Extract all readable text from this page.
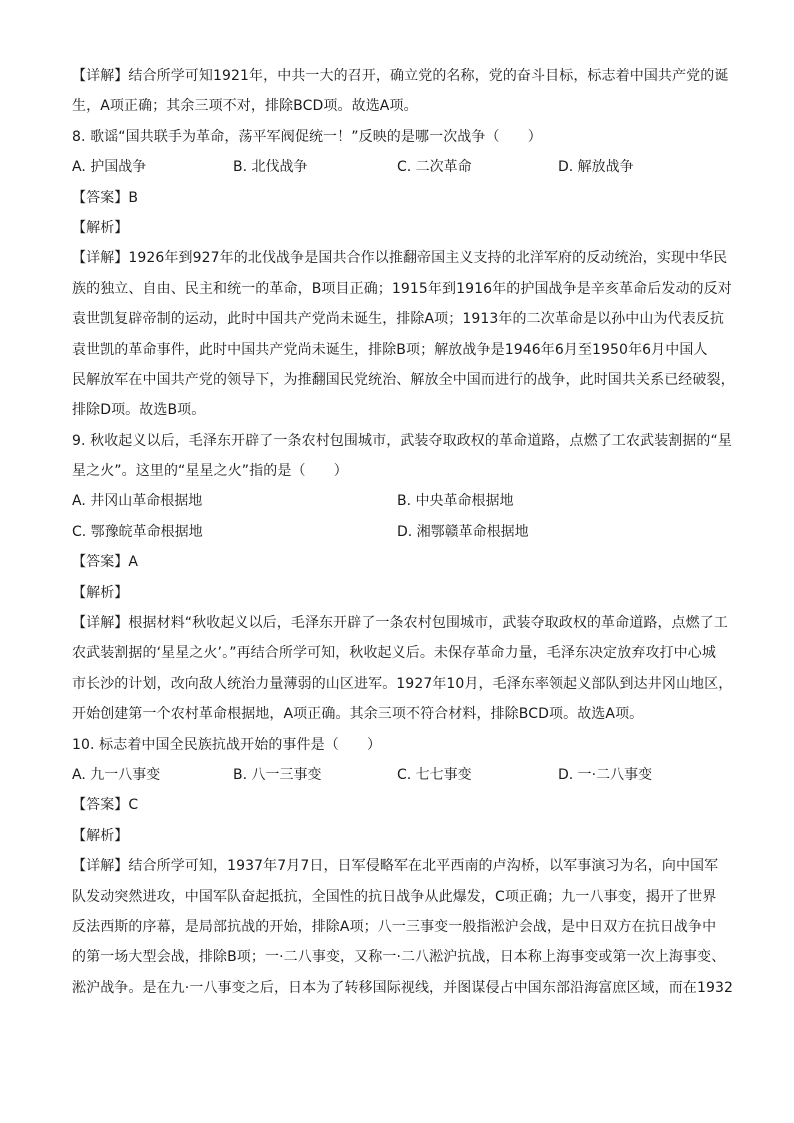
【详解】结合所学可知1921年，中共一大的召开，确立党的名称，党的奋斗目标，标志着中国共产党的诞
生，A项正确；其余三项不对，排除BCD项。故选A项。
8. 歌谣“国共联手为革命，荡平军阀促统一！”反映的是哪一次战争（　　）
A. 护国战争	B. 北伐战争	C. 二次革命	D. 解放战争
【答案】B
【解析】
【详解】1926年到927年的北伐战争是国共合作以推翻帝国主义支持的北洋军府的反动统治，实现中华民
族的独立、自由、民主和统一的革命，B项目正确；1915年到1916年的护国战争是辛亥革命后发动的反对
袁世凯复辟帝制的运动，此时中国共产党尚未诞生，排除A项；1913年的二次革命是以孙中山为代表反抗
袁世凯的革命事件，此时中国共产党尚未诞生，排除B项；解放战争是1946年6月至1950年6月中国人
民解放军在中国共产党的领导下，为推翻国民党统治、解放全中国而进行的战争，此时国共关系已经破裂，
排除D项。故选B项。
9. 秋收起义以后，毛泽东开辟了一条农村包围城市，武装夺取政权的革命道路，点燃了工农武装割据的“星
星之火”。这里的“星星之火”指的是（　　）
A. 井冈山革命根据地	B. 中央革命根据地
C. 鄂豫皖革命根据地	D. 湘鄂赣革命根据地
【答案】A
【解析】
【详解】根据材料“秋收起义以后，毛泽东开辟了一条农村包围城市，武装夺取政权的革命道路，点燃了工
农武装割据的‘星星之火’。”再结合所学可知，秋收起义后。未保存革命力量，毛泽东决定放弃攻打中心城
市长沙的计划，改向敌人统治力量薄弱的山区进军。1927年10月，毛泽东率领起义部队到达井冈山地区，
开始创建第一个农村革命根据地，A项正确。其余三项不符合材料，排除BCD项。故选A项。
10. 标志着中国全民族抗战开始的事件是（　　）
A. 九一八事变	B. 八一三事变	C. 七七事变	D. 一·二八事变
【答案】C
【解析】
【详解】结合所学可知，1937年7月7日，日军侵略军在北平西南的卢沟桥，以军事演习为名，向中国军
队发动突然进攻，中国军队奋起抵抗，全国性的抗日战争从此爆发，C项正确；九一八事变，揭开了世界
反法西斯的序幕，是局部抗战的开始，排除A项；八一三事变一般指淞沪会战，是中日双方在抗日战争中
的第一场大型会战，排除B项；一·二八事变，又称一·二八淞沪抗战，日本称上海事变或第一次上海事变、
淞沪战争。是在九·一八事变之后，日本为了转移国际视线，并图谋侵占中国东部沿海富庶区域，而在1932
